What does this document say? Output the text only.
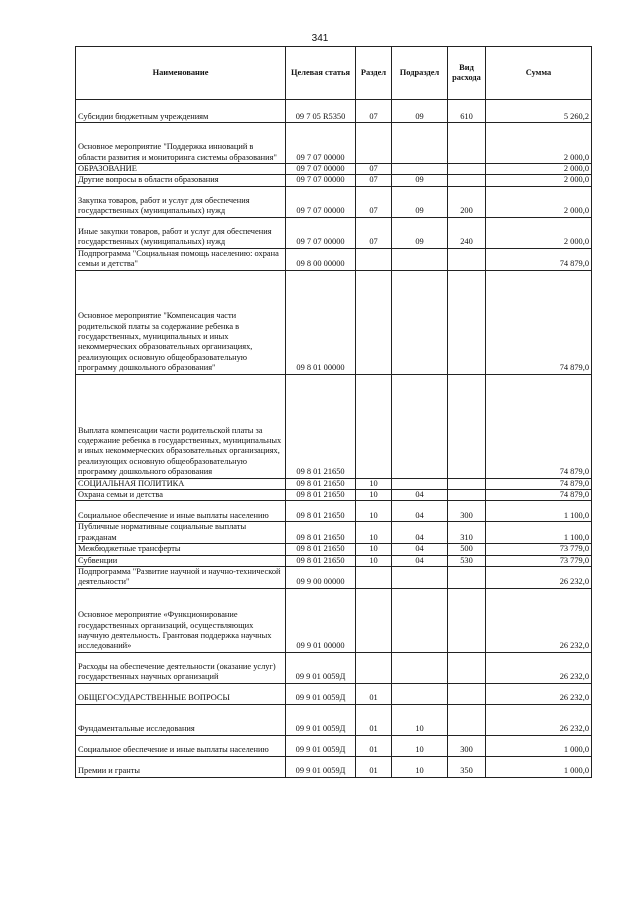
341
Наименование	Целевая статья	Раздел	Подраздел	Вид расхода	Сумма
Субсидии бюджетным учреждениям	09 7 05 R5350	07	09	610	5 260,2
Основное мероприятие "Поддержка инноваций в области развития и мониторинга системы образования"	09 7 07 00000				2 000,0
ОБРАЗОВАНИЕ	09 7 07 00000	07			2 000,0
Другие вопросы в области образования	09 7 07 00000	07	09		2 000,0
Закупка товаров, работ и услуг для обеспечения государственных (муниципальных) нужд	09 7 07 00000	07	09	200	2 000,0
Иные закупки товаров, работ и услуг для обеспечения государственных (муниципальных) нужд	09 7 07 00000	07	09	240	2 000,0
Подпрограмма "Социальная помощь населению: охрана семьи и детства"	09 8 00 00000				74 879,0
Основное мероприятие "Компенсация части родительской платы за содержание ребенка в государственных, муниципальных и иных некоммерческих образовательных организациях, реализующих основную общеобразовательную программу дошкольного образования"	09 8 01 00000				74 879,0
Выплата компенсации части родительской платы за содержание ребенка в государственных, муниципальных и иных некоммерческих образовательных организациях, реализующих основную общеобразовательную программу дошкольного образования	09 8 01 21650				74 879,0
СОЦИАЛЬНАЯ ПОЛИТИКА	09 8 01 21650	10			74 879,0
Охрана семьи и детства	09 8 01 21650	10	04		74 879,0
Социальное обеспечение и иные выплаты населению	09 8 01 21650	10	04	300	1 100,0
Публичные нормативные социальные выплаты гражданам	09 8 01 21650	10	04	310	1 100,0
Межбюджетные трансферты	09 8 01 21650	10	04	500	73 779,0
Субвенции	09 8 01 21650	10	04	530	73 779,0
Подпрограмма "Развитие научной и научно-технической деятельности"	09 9 00 00000				26 232,0
Основное мероприятие «Функционирование государственных организаций, осуществляющих научную деятельность. Грантовая поддержка научных исследований»	09 9 01 00000				26 232,0
Расходы на обеспечение деятельности (оказание услуг) государственных научных организаций	09 9 01 0059Д				26 232,0
ОБЩЕГОСУДАРСТВЕННЫЕ ВОПРОСЫ	09 9 01 0059Д	01			26 232,0
Фундаментальные исследования	09 9 01 0059Д	01	10		26 232,0
Социальное обеспечение и иные выплаты населению	09 9 01 0059Д	01	10	300	1 000,0
Премии и гранты	09 9 01 0059Д	01	10	350	1 000,0
